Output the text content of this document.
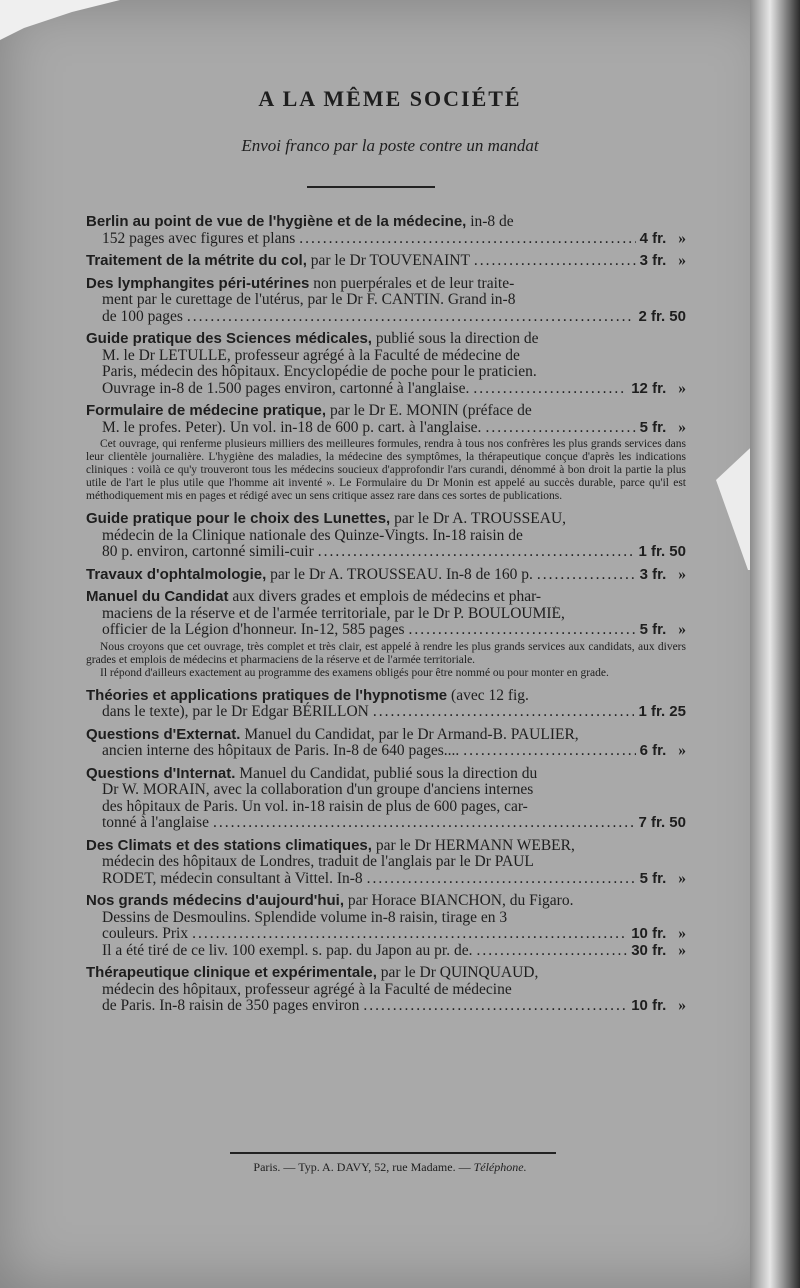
A LA MÊME SOCIÉTÉ
Envoi franco par la poste contre un mandat
Berlin au point de vue de l'hygiène et de la médecine, in-8 de
152 pages avec figures et plans .....	4 fr. »
Traitement de la métrite du col, par le Dr TOUVENAINT .....	3 fr. »
Des lymphangites péri-utérines non puerpérales et de leur traite-
ment par le curettage de l'utérus, par le Dr F. CANTIN. Grand in-8
de 100 pages .....	2 fr. 50
Guide pratique des Sciences médicales, publié sous la direction de
M. le Dr LETULLE, professeur agrégé à la Faculté de médecine de
Paris, médecin des hôpitaux. Encyclopédie de poche pour le praticien.
Ouvrage in-8 de 1.500 pages environ, cartonné à l'anglaise. .....	12 fr. »
Formulaire de médecine pratique, par le Dr E. MONIN (préface de
M. le profes. Peter). Un vol. in-18 de 600 p. cart. à l'anglaise. .....	5 fr. »

Cet ouvrage, qui renferme plusieurs milliers des meilleures formules, rendra à tous nos confrères les plus grands services dans leur clientèle journalière. L'hygiène des maladies, la médecine des symptômes, la thérapeutique conçue d'après les indications cliniques : voilà ce qu'y trouveront tous les médecins soucieux d'approfondir l'ars curandi, dénommé à bon droit la partie la plus utile de l'art le plus utile que l'homme ait inventé ». Le Formulaire du Dr Monin est appelé au succès durable, parce qu'il est méthodiquement mis en pages et rédigé avec un sens critique assez rare dans ces sortes de publications.

Guide pratique pour le choix des Lunettes, par le Dr A. TROUSSEAU,
médecin de la Clinique nationale des Quinze-Vingts. In-18 raisin de
80 p. environ, cartonné simili-cuir .....	1 fr. 50
Travaux d'ophtalmologie, par le Dr A. TROUSSEAU. In-8 de 160 p. .....	3 fr. »
Manuel du Candidat aux divers grades et emplois de médecins et phar-
maciens de la réserve et de l'armée territoriale, par le Dr P. BOULOUMIÉ,
officier de la Légion d'honneur. In-12, 585 pages .....	5 fr. »

Nous croyons que cet ouvrage, très complet et très clair, est appelé à rendre les plus grands services aux candidats, aux divers grades et emplois de médecins et pharmaciens de la réserve et de l'armée territoriale.

Il répond d'ailleurs exactement au programme des examens obligés pour être nommé ou pour monter en grade.

Théories et applications pratiques de l'hypnotisme (avec 12 fig.
dans le texte), par le Dr Edgar BÉRILLON .....	1 fr. 25
Questions d'Externat. Manuel du Candidat, par le Dr Armand-B. PAULIER,
ancien interne des hôpitaux de Paris. In-8 de 640 pages.... .....	6 fr. »
Questions d'Internat. Manuel du Candidat, publié sous la direction du
Dr W. MORAIN, avec la collaboration d'un groupe d'anciens internes
des hôpitaux de Paris. Un vol. in-18 raisin de plus de 600 pages, car-
tonné à l'anglaise .....	7 fr. 50
Des Climats et des stations climatiques, par le Dr HERMANN WEBER,
médecin des hôpitaux de Londres, traduit de l'anglais par le Dr PAUL
RODET, médecin consultant à Vittel. In-8 .....	5 fr. »
Nos grands médecins d'aujourd'hui, par Horace BIANCHON, du Figaro.
Dessins de Desmoulins. Splendide volume in-8 raisin, tirage en 3
couleurs. Prix .....	10 fr. »
Il a été tiré de ce liv. 100 exempl. s. pap. du Japon au pr. de. .....	30 fr. »
Thérapeutique clinique et expérimentale, par le Dr QUINQUAUD,
médecin des hôpitaux, professeur agrégé à la Faculté de médecine
de Paris. In-8 raisin de 350 pages environ .....	10 fr. »
Paris. — Typ. A. DAVY, 52, rue Madame. — Téléphone.
